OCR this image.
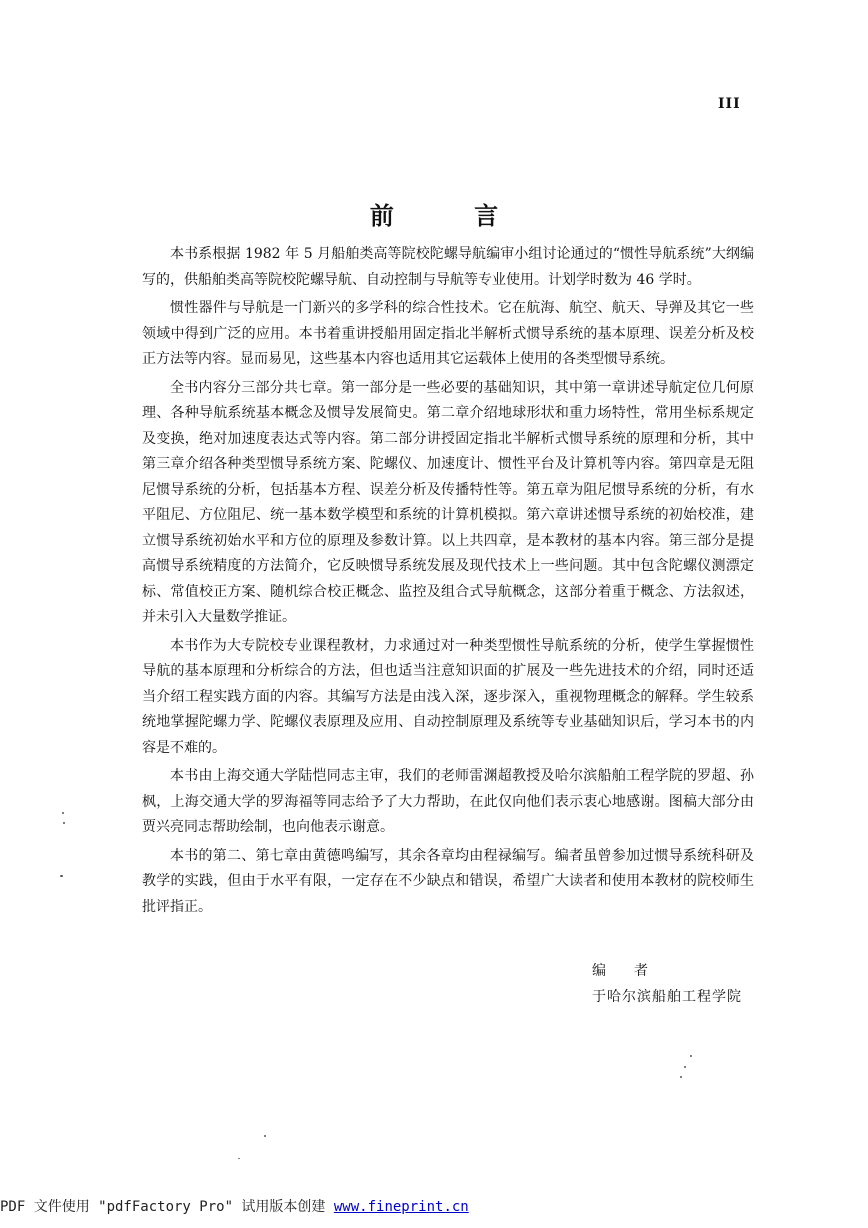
III
前 言

本书系根据 1982 年 5 月船舶类高等院校陀螺导航编审小组讨论通过的“惯性导航系统”大纲编写的，供船舶类高等院校陀螺导航、自动控制与导航等专业使用。计划学时数为 46 学时。

惯性器件与导航是一门新兴的多学科的综合性技术。它在航海、航空、航天、导弹及其它一些领域中得到广泛的应用。本书着重讲授船用固定指北半解析式惯导系统的基本原理、误差分析及校正方法等内容。显而易见，这些基本内容也适用其它运载体上使用的各类型惯导系统。

全书内容分三部分共七章。第一部分是一些必要的基础知识，其中第一章讲述导航定位几何原理、各种导航系统基本概念及惯导发展简史。第二章介绍地球形状和重力场特性，常用坐标系规定及变换，绝对加速度表达式等内容。第二部分讲授固定指北半解析式惯导系统的原理和分析，其中第三章介绍各种类型惯导系统方案、陀螺仪、加速度计、惯性平台及计算机等内容。第四章是无阻尼惯导系统的分析，包括基本方程、误差分析及传播特性等。第五章为阻尼惯导系统的分析，有水平阻尼、方位阻尼、统一基本数学模型和系统的计算机模拟。第六章讲述惯导系统的初始校准，建立惯导系统初始水平和方位的原理及参数计算。以上共四章，是本教材的基本内容。第三部分是提高惯导系统精度的方法简介，它反映惯导系统发展及现代技术上一些问题。其中包含陀螺仪测漂定标、常值校正方案、随机综合校正概念、监控及组合式导航概念，这部分着重于概念、方法叙述，并未引入大量数学推证。

本书作为大专院校专业课程教材，力求通过对一种类型惯性导航系统的分析，使学生掌握惯性导航的基本原理和分析综合的方法，但也适当注意知识面的扩展及一些先进技术的介绍，同时还适当介绍工程实践方面的内容。其编写方法是由浅入深，逐步深入，重视物理概念的解释。学生较系统地掌握陀螺力学、陀螺仪表原理及应用、自动控制原理及系统等专业基础知识后，学习本书的内容是不难的。

本书由上海交通大学陆恺同志主审，我们的老师雷渊超教授及哈尔滨船舶工程学院的罗超、孙枫，上海交通大学的罗海福等同志给予了大力帮助，在此仅向他们表示衷心地感谢。图稿大部分由贾兴亮同志帮助绘制，也向他表示谢意。

本书的第二、第七章由黄德鸣编写，其余各章均由程禄编写。编者虽曾参加过惯导系统科研及教学的实践，但由于水平有限，一定存在不少缺点和错误，希望广大读者和使用本教材的院校师生批评指正。

编者
于哈尔滨船舶工程学院
PDF 文件使用 "pdfFactory Pro" 试用版本创建 www.fineprint.cn
